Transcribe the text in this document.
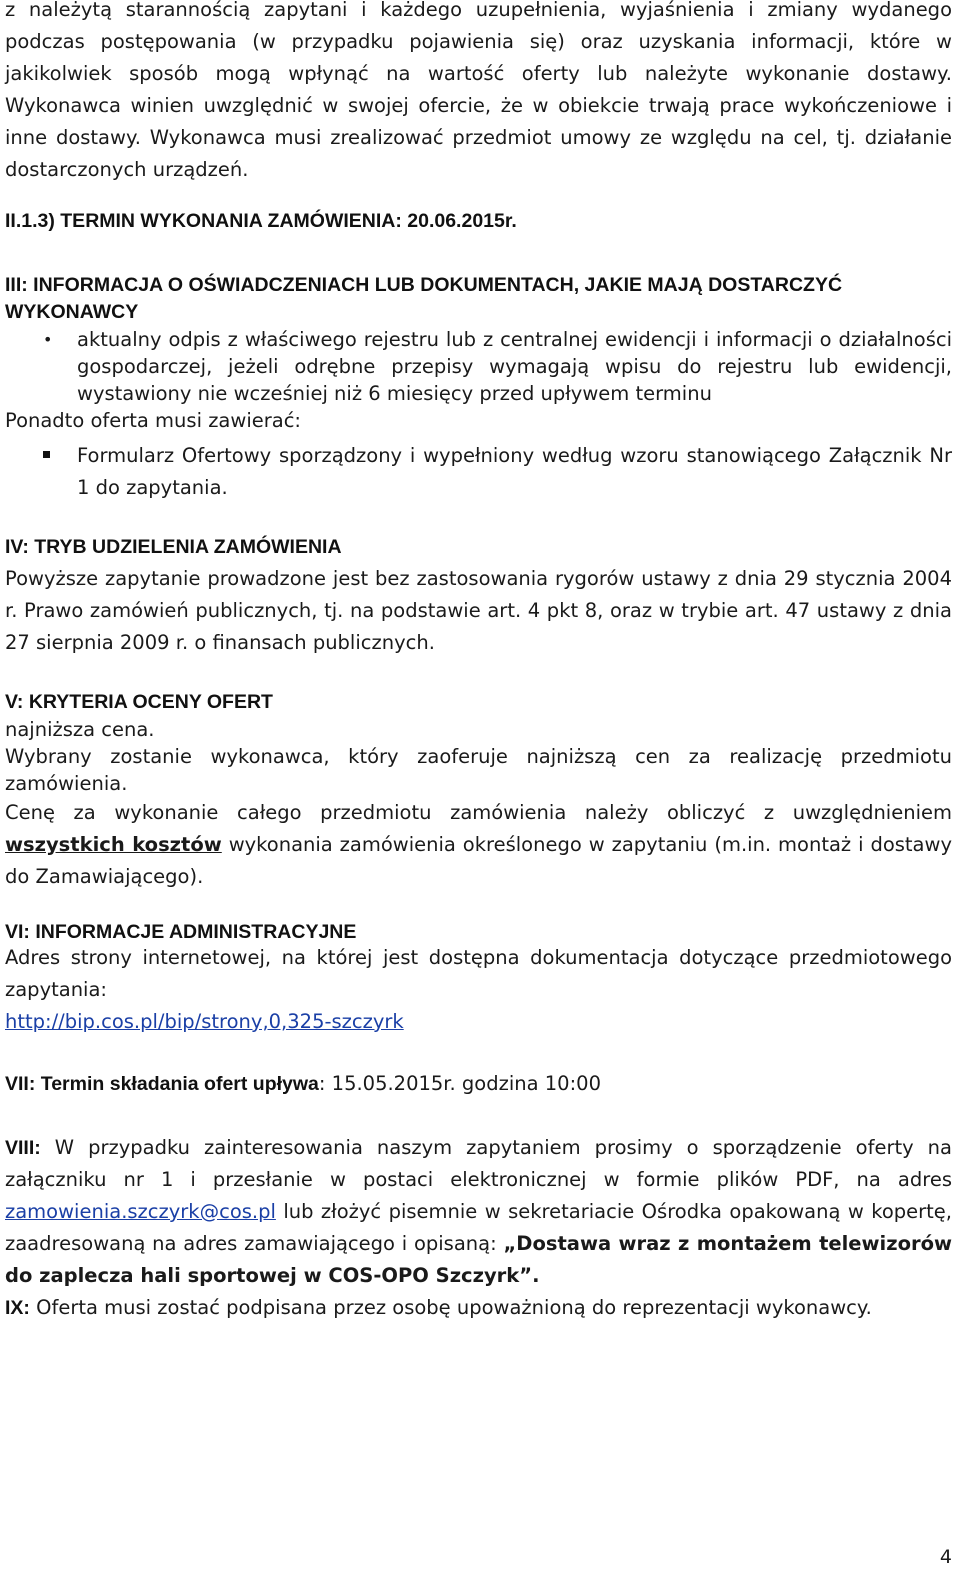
z należytą starannością zapytani i każdego uzupełnienia, wyjaśnienia i zmiany wydanego podczas postępowania (w przypadku pojawienia się) oraz uzyskania informacji, które w jakikolwiek sposób mogą wpłynąć na wartość oferty lub należyte wykonanie dostawy. Wykonawca winien uwzględnić w swojej ofercie, że w obiekcie trwają prace wykończeniowe i inne dostawy. Wykonawca musi zrealizować przedmiot umowy ze względu na cel, tj. działanie dostarczonych urządzeń.

II.1.3) TERMIN WYKONANIA ZAMÓWIENIA: 20.06.2015r.

III: INFORMACJA O OŚWIADCZENIACH LUB DOKUMENTACH, JAKIE MAJĄ DOSTARCZYĆ WYKONAWCY

• aktualny odpis z właściwego rejestru lub z centralnej ewidencji i informacji o działalności gospodarczej, jeżeli odrębne przepisy wymagają wpisu do rejestru lub ewidencji, wystawiony nie wcześniej niż 6 miesięcy przed upływem terminu

Ponadto oferta musi zawierać:

Formularz Ofertowy sporządzony i wypełniony według wzoru stanowiącego Załącznik Nr 1 do zapytania.

IV: TRYB UDZIELENIA ZAMÓWIENIA

Powyższe zapytanie prowadzone jest bez zastosowania rygorów ustawy z dnia 29 stycznia 2004 r. Prawo zamówień publicznych, tj. na podstawie art. 4 pkt 8, oraz w trybie art. 47 ustawy z dnia 27 sierpnia 2009 r. o finansach publicznych.

V: KRYTERIA OCENY OFERT

najniższa cena.

Wybrany zostanie wykonawca, który zaoferuje najniższą cen za realizację przedmiotu zamówienia.

Cenę za wykonanie całego przedmiotu zamówienia należy obliczyć z uwzględnieniem wszystkich kosztów wykonania zamówienia określonego w zapytaniu (m.in. montaż i dostawy do Zamawiającego).

VI: INFORMACJE ADMINISTRACYJNE

Adres strony internetowej, na której jest dostępna dokumentacja dotyczące przedmiotowego zapytania:

http://bip.cos.pl/bip/strony,0,325-szczyrk

VII: Termin składania ofert upływa: 15.05.2015r. godzina 10:00

VIII: W przypadku zainteresowania naszym zapytaniem prosimy o sporządzenie oferty na załączniku nr 1 i przesłanie w postaci elektronicznej w formie plików PDF, na adres zamowienia.szczyrk@cos.pl lub złożyć pisemnie w sekretariacie Ośrodka opakowaną w kopertę, zaadresowaną na adres zamawiającego i opisaną: „Dostawa wraz z montażem telewizorów do zaplecza hali sportowej w COS-OPO Szczyrk”.

IX: Oferta musi zostać podpisana przez osobę upoważnioną do reprezentacji wykonawcy.

4
